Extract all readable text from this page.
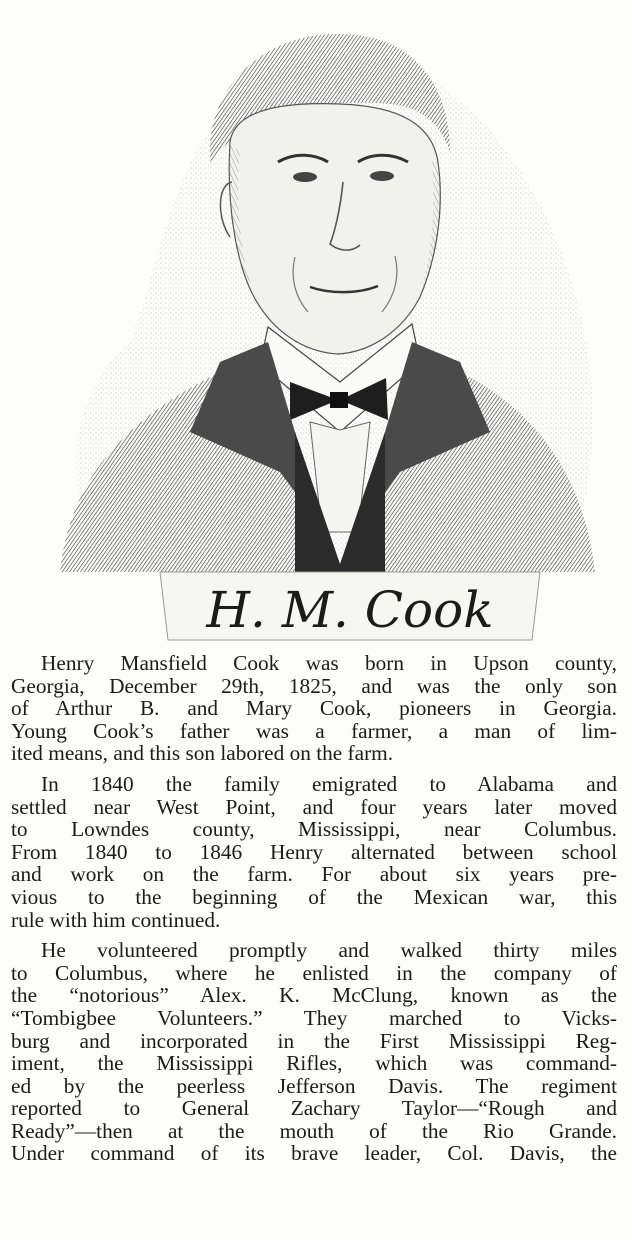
H. M. Cook

Henry Mansfield Cook was born in Upson county,
Georgia, December 29th, 1825, and was the only son
of Arthur B. and Mary Cook, pioneers in Georgia.
Young Cook’s father was a farmer, a man of lim-
ited means, and this son labored on the farm.

In 1840 the family emigrated to Alabama and
settled near West Point, and four years later moved
to Lowndes county, Mississippi, near Columbus.
From 1840 to 1846 Henry alternated between school
and work on the farm. For about six years pre-
vious to the beginning of the Mexican war, this
rule with him continued.

He volunteered promptly and walked thirty miles
to Columbus, where he enlisted in the company of
the “notorious” Alex. K. McClung, known as the
“Tombigbee Volunteers.” They marched to Vicks-
burg and incorporated in the First Mississippi Reg-
iment, the Mississippi Rifles, which was command-
ed by the peerless Jefferson Davis. The regiment
reported to General Zachary Taylor—“Rough and
Ready”—then at the mouth of the Rio Grande.
Under command of its brave leader, Col. Davis, the
